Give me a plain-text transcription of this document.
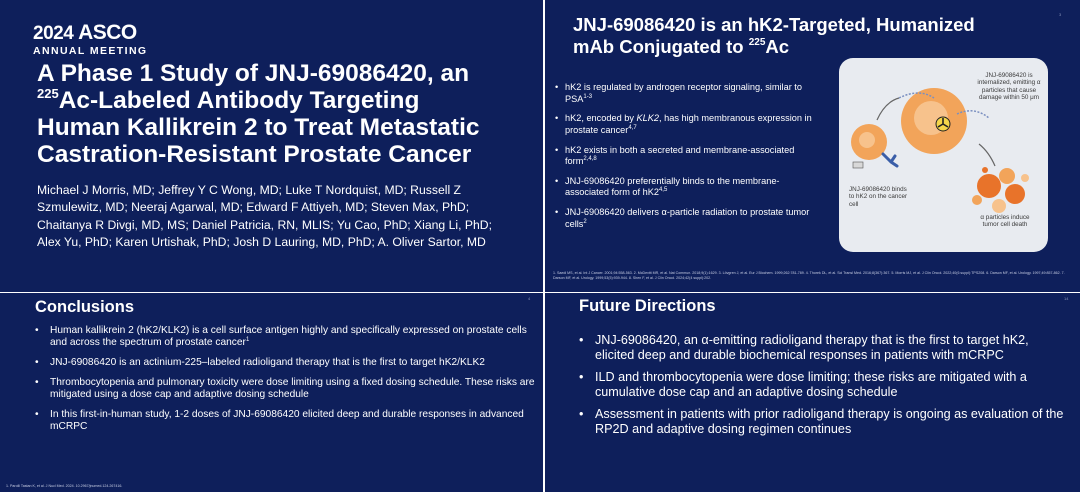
2024 ASCO
ANNUAL MEETING
A Phase 1 Study of JNJ-69086420, an
$^{225}$Ac-Labeled Antibody Targeting
Human Kallikrein 2 to Treat Metastatic
Castration-Resistant Prostate Cancer
Michael J Morris, MD; Jeffrey Y C Wong, MD; Luke T Nordquist, MD; Russell Z
Szmulewitz, MD; Neeraj Agarwal, MD; Edward F Attiyeh, MD; Steven Max, PhD;
Chaitanya R Divgi, MD, MS; Daniel Patricia, RN, MLIS; Yu Cao, PhD; Xiang Li, PhD;
Alex Yu, PhD; Karen Urtishak, PhD; Josh D Lauring, MD, PhD; A. Oliver Sartor, MD
3
JNJ-69086420 is an hK2-Targeted, Humanized
mAb Conjugated to $^{225}$Ac
• hK2 is regulated by androgen receptor signaling, similar to PSA$^{1-3}$
• hK2, encoded by KLK2, has high membranous expression in prostate cancer$^{4,7}$
• hK2 exists in both a secreted and membrane-associated form$^{2,4,8}$
• JNJ-69086420 preferentially binds to the membrane-associated form of hK2$^{4,5}$
• JNJ-69086420 delivers α-particle radiation to prostate tumor cells$^2$
JNJ-69086420 is internalized, emitting α particles that cause damage within 50 μm
JNJ-69086420 binds to hK2 on the cancer cell
α particles induce tumor cell death
1. Saedi MS, et al. Int J Cancer. 2001;94:558-563. 2. McDevitt MR, et al. Nat Commun. 2018;9(1):1629. 3. Lövgren J, et al. Eur J Biochem. 1999;262:781-789. 4. Thorek DL, et al. Sci Transl Med. 2016;8(367):367. 5. Morris MJ, et al. J Clin Oncol. 2022;40(6 suppl):TPS208. 6. Darson MF, et al. Urology. 1997;49:857-862. 7. Darson MF, et al. Urology. 1999;53(5):939-944. 8. Shen F, et al. J Clin Oncol. 2024;42(4 suppl):202.
4
Conclusions
• Human kallikrein 2 (hK2/KLK2) is a cell surface antigen highly and specifically expressed on prostate cells and across the spectrum of prostate cancer$^1$
• JNJ-69086420 is an actinium-225–labeled radioligand therapy that is the first to target hK2/KLK2
• Thrombocytopenia and pulmonary toxicity were dose limiting using a fixed dosing schedule. These risks are mitigated using a dose cap and adaptive dosing schedule
• In this first-in-human study, 1-2 doses of JNJ-69086420 elicited deep and durable responses in advanced mCRPC
1. Parolli Tastan K, et al. J Nucl Med. 2024. 10.2967/jnumed.124.267416.
14
Future Directions
• JNJ-69086420, an α-emitting radioligand therapy that is the first to target hK2, elicited deep and durable biochemical responses in patients with mCRPC
• ILD and thrombocytopenia were dose limiting; these risks are mitigated with a cumulative dose cap and an adaptive dosing schedule
• Assessment in patients with prior radioligand therapy is ongoing as evaluation of the RP2D and adaptive dosing regimen continues
